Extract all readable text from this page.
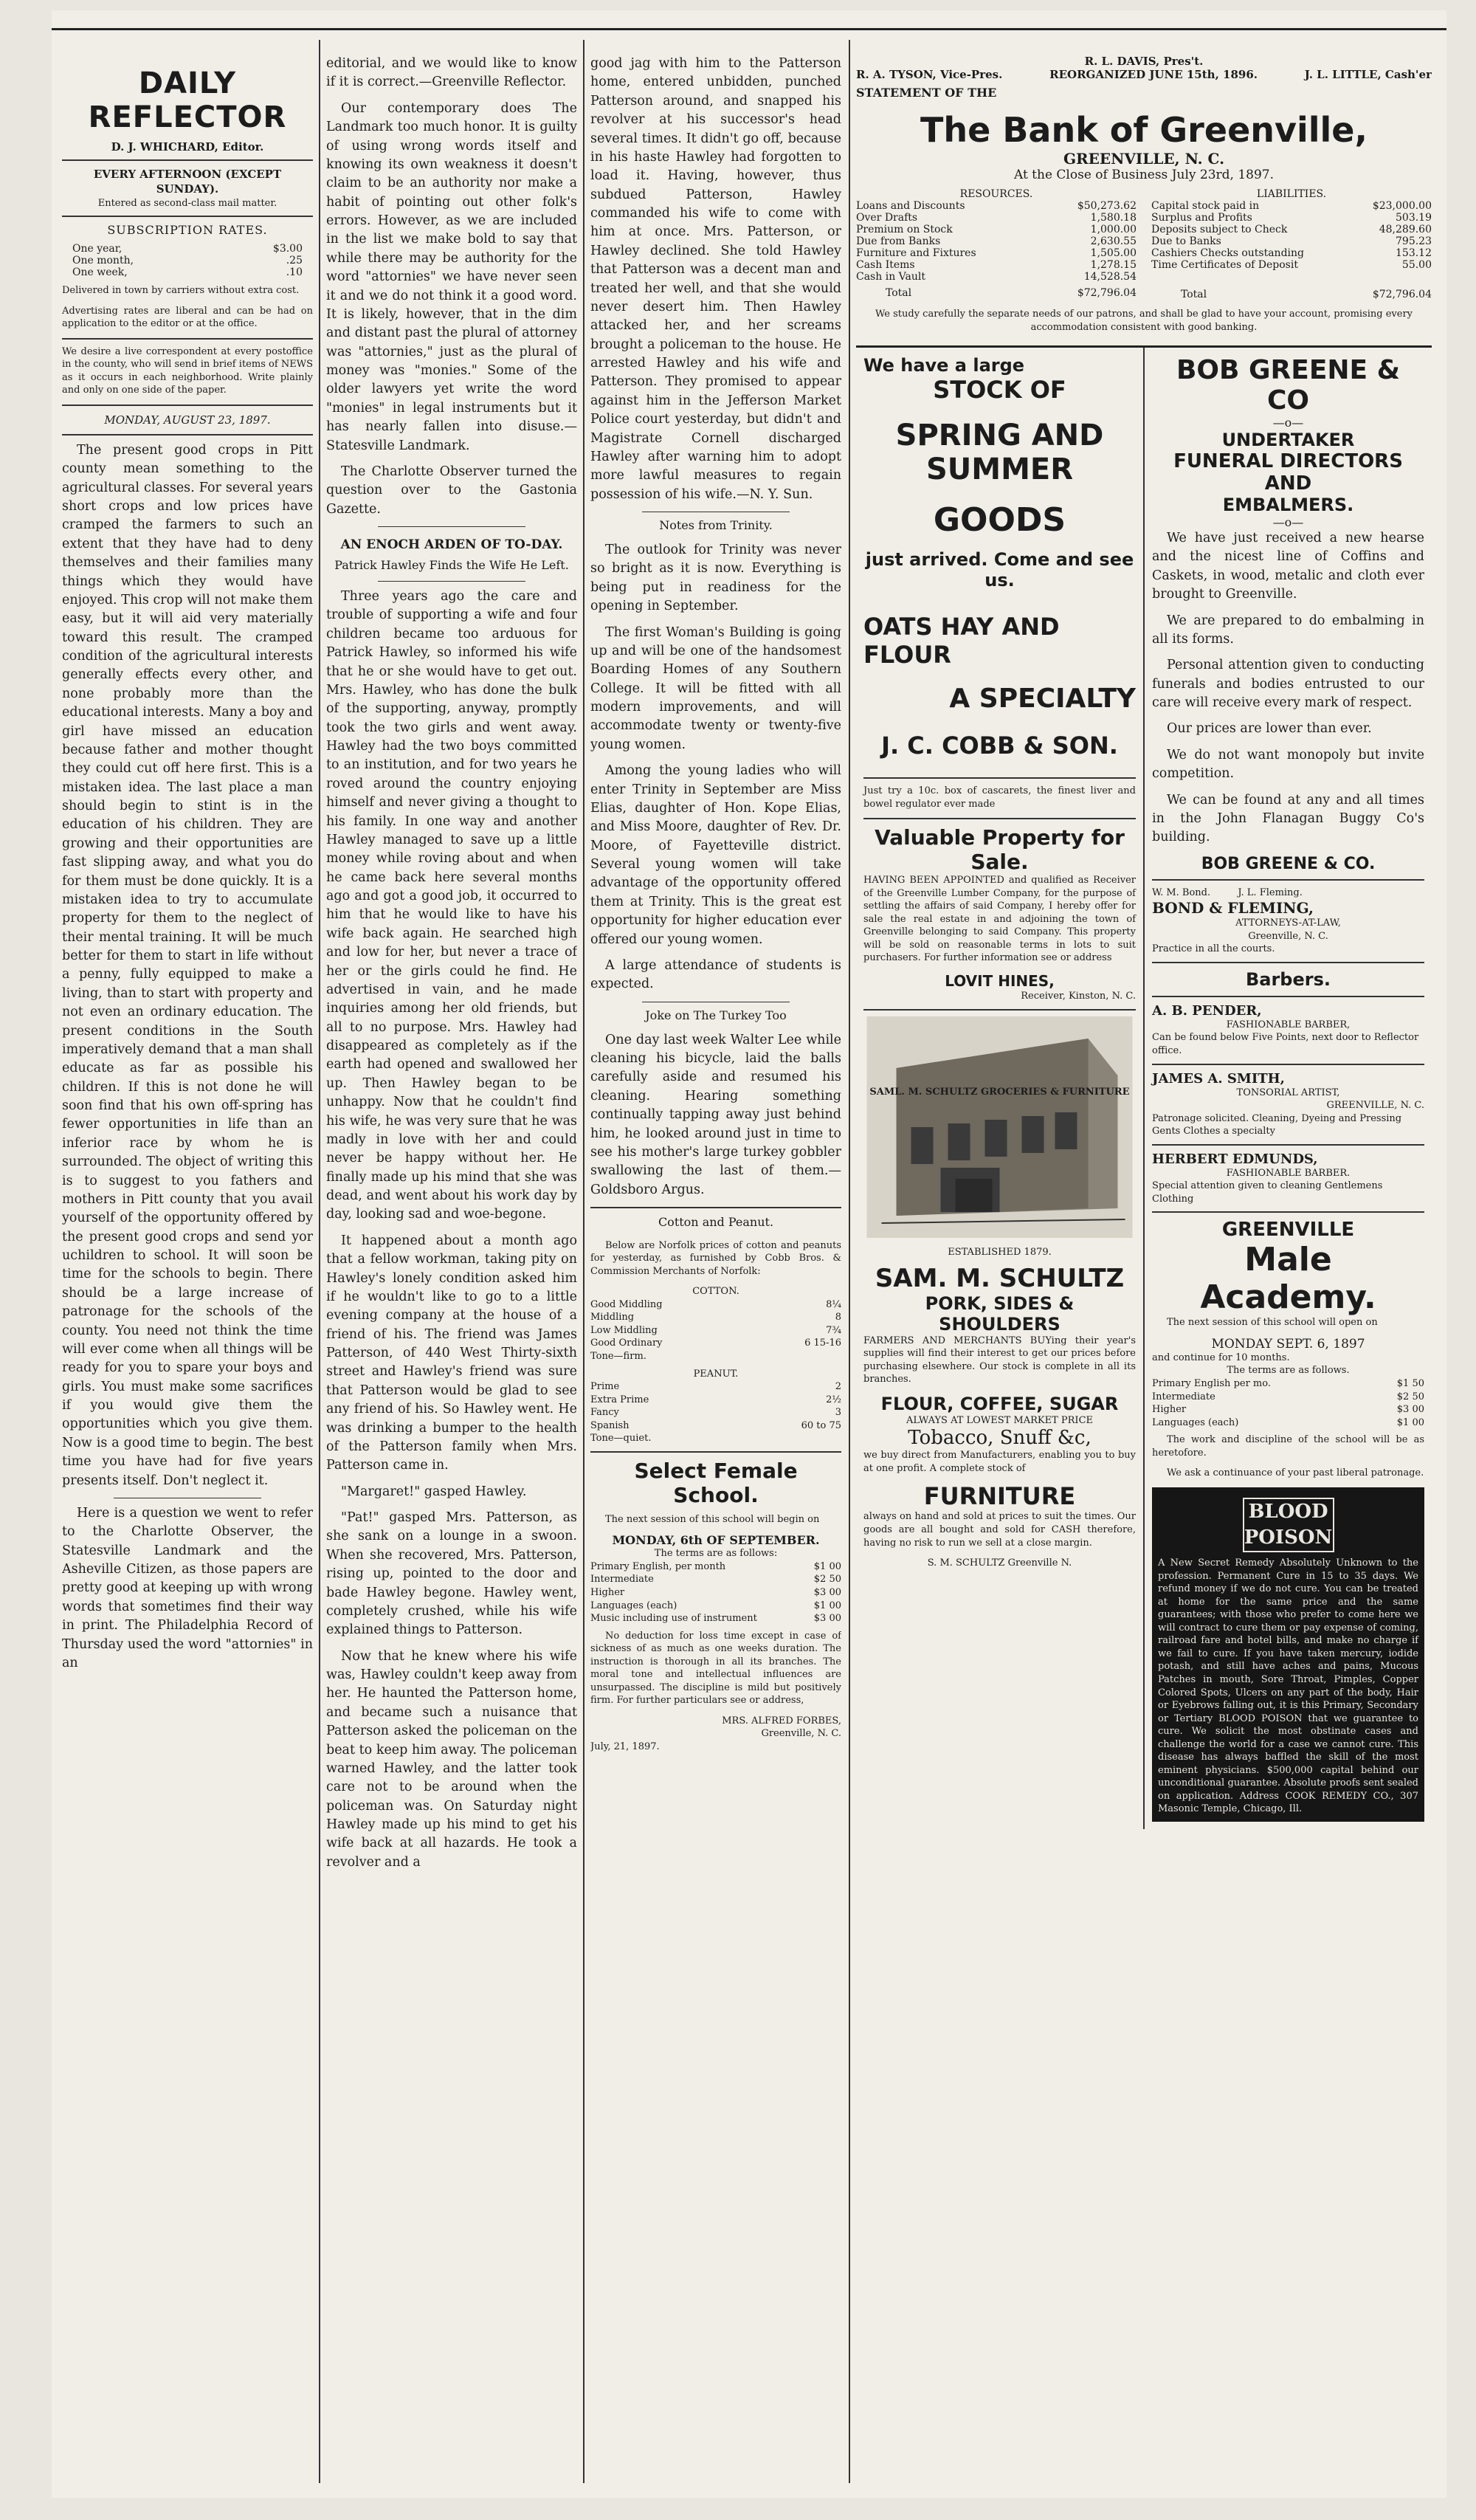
DAILY REFLECTOR
D. J. WHICHARD, Editor.
EVERY AFTERNOON (EXCEPT SUNDAY).
Entered as second-class mail matter.
SUBSCRIPTION RATES.
One year,	$3.00
One month,	.25
One week,	.10

Delivered in town by carriers without extra cost.

Advertising rates are liberal and can be had on application to the editor or at the office.

We desire a live correspondent at every postoffice in the county, who will send in brief items of NEWS as it occurs in each neighborhood. Write plainly and only on one side of the paper.

MONDAY, AUGUST 23, 1897.

The present good crops in Pitt county mean something to the agricultural classes. For several years short crops and low prices have cramped the farmers to such an extent that they have had to deny themselves and their families many things which they would have enjoyed. This crop will not make them easy, but it will aid very materially toward this result. The cramped condition of the agricultural interests generally effects every other, and none probably more than the educational interests. Many a boy and girl have missed an education because father and mother thought they could cut off here first. This is a mistaken idea. The last place a man should begin to stint is in the education of his children. They are growing and their opportunities are fast slipping away, and what you do for them must be done quickly. It is a mistaken idea to try to accumulate property for them to the neglect of their mental training. It will be much better for them to start in life without a penny, fully equipped to make a living, than to start with property and not even an ordinary education. The present conditions in the South imperatively demand that a man shall educate as far as possible his children. If this is not done he will soon find that his own off-spring has fewer opportunities in life than an inferior race by whom he is surrounded. The object of writing this is to suggest to you fathers and mothers in Pitt county that you avail yourself of the opportunity offered by the present good crops and send yor uchildren to school. It will soon be time for the schools to begin. There should be a large increase of patronage for the schools of the county. You need not think the time will ever come when all things will be ready for you to spare your boys and girls. You must make some sacrifices if you would give them the opportunities which you give them. Now is a good time to begin. The best time you have had for five years presents itself. Don't neglect it.

Here is a question we went to refer to the Charlotte Observer, the Statesville Landmark and the Asheville Citizen, as those papers are pretty good at keeping up with wrong words that sometimes find their way in print. The Philadelphia Record of Thursday used the word "attornies" in an

editorial, and we would like to know if it is correct.—Greenville Reflector.

Our contemporary does The Landmark too much honor. It is guilty of using wrong words itself and knowing its own weakness it doesn't claim to be an authority nor make a habit of pointing out other folk's errors. However, as we are included in the list we make bold to say that while there may be authority for the word "attornies" we have never seen it and we do not think it a good word. It is likely, however, that in the dim and distant past the plural of attorney was "attornies," just as the plural of money was "monies." Some of the older lawyers yet write the word "monies" in legal instruments but it has nearly fallen into disuse.—Statesville Landmark.

The Charlotte Observer turned the question over to the Gastonia Gazette.

AN ENOCH ARDEN OF TO-DAY.
Patrick Hawley Finds the Wife He Left.

Three years ago the care and trouble of supporting a wife and four children became too arduous for Patrick Hawley, so informed his wife that he or she would have to get out. Mrs. Hawley, who has done the bulk of the supporting, anyway, promptly took the two girls and went away. Hawley had the two boys committed to an institution, and for two years he roved around the country enjoying himself and never giving a thought to his family. In one way and another Hawley managed to save up a little money while roving about and when he came back here several months ago and got a good job, it occurred to him that he would like to have his wife back again. He searched high and low for her, but never a trace of her or the girls could he find. He advertised in vain, and he made inquiries among her old friends, but all to no purpose. Mrs. Hawley had disappeared as completely as if the earth had opened and swallowed her up. Then Hawley began to be unhappy. Now that he couldn't find his wife, he was very sure that he was madly in love with her and could never be happy without her. He finally made up his mind that she was dead, and went about his work day by day, looking sad and woe-begone.

It happened about a month ago that a fellow workman, taking pity on Hawley's lonely condition asked him if he wouldn't like to go to a little evening company at the house of a friend of his. The friend was James Patterson, of 440 West Thirty-sixth street and Hawley's friend was sure that Patterson would be glad to see any friend of his. So Hawley went. He was drinking a bumper to the health of the Patterson family when Mrs. Patterson came in.

"Margaret!" gasped Hawley.

"Pat!" gasped Mrs. Patterson, as she sank on a lounge in a swoon. When she recovered, Mrs. Patterson, rising up, pointed to the door and bade Hawley begone. Hawley went, completely crushed, while his wife explained things to Patterson.

Now that he knew where his wife was, Hawley couldn't keep away from her. He haunted the Patterson home, and became such a nuisance that Patterson asked the policeman on the beat to keep him away. The policeman warned Hawley, and the latter took care not to be around when the policeman was. On Saturday night Hawley made up his mind to get his wife back at all hazards. He took a revolver and a

good jag with him to the Patterson home, entered unbidden, punched Patterson around, and snapped his revolver at his successor's head several times. It didn't go off, because in his haste Hawley had forgotten to load it. Having, however, thus subdued Patterson, Hawley commanded his wife to come with him at once. Mrs. Patterson, or Hawley declined. She told Hawley that Patterson was a decent man and treated her well, and that she would never desert him. Then Hawley attacked her, and her screams brought a policeman to the house. He arrested Hawley and his wife and Patterson. They promised to appear against him in the Jefferson Market Police court yesterday, but didn't and Magistrate Cornell discharged Hawley after warning him to adopt more lawful measures to regain possession of his wife.—N. Y. Sun.

Notes from Trinity.

The outlook for Trinity was never so bright as it is now. Everything is being put in readiness for the opening in September.

The first Woman's Building is going up and will be one of the handsomest Boarding Homes of any Southern College. It will be fitted with all modern improvements, and will accommodate twenty or twenty-five young women.

Among the young ladies who will enter Trinity in September are Miss Elias, daughter of Hon. Kope Elias, and Miss Moore, daughter of Rev. Dr. Moore, of Fayetteville district. Several young women will take advantage of the opportunity offered them at Trinity. This is the great est opportunity for higher education ever offered our young women.

A large attendance of students is expected.

Joke on The Turkey Too

One day last week Walter Lee while cleaning his bicycle, laid the balls carefully aside and resumed his cleaning. Hearing something continually tapping away just behind him, he looked around just in time to see his mother's large turkey gobbler swallowing the last of them.—Goldsboro Argus.

Cotton and Peanut.

Below are Norfolk prices of cotton and peanuts for yesterday, as furnished by Cobb Bros. & Commission Merchants of Norfolk:

COTTON.
Good Middling	8¼
Middling	8
Low Middling	7¾
Good Ordinary	6 15-16
Tone—firm.
PEANUT.
Prime	2
Extra Prime	2½
Fancy	3
Spanish	60 to 75
Tone—quiet.
Select Female School.

The next session of this school will begin on

MONDAY, 6th OF SEPTEMBER.
The terms are as follows:
Primary English, per month	$1 00
Intermediate	$2 50
Higher	$3 00
Languages (each)	$1 00
Music including use of instrument	$3 00

No deduction for loss time except in case of sickness of as much as one weeks duration. The instruction is thorough in all its branches. The moral tone and intellectual influences are unsurpassed. The discipline is mild but positively firm. For further particulars see or address,

MRS. ALFRED FORBES,
Greenville, N. C.
July, 21, 1897.
R. L. DAVIS, Pres't.
R. A. TYSON, Vice-Pres.	REORGANIZED JUNE 15th, 1896.	J. L. LITTLE, Cash'er
STATEMENT OF THE
The Bank of Greenville,
GREENVILLE, N. C.
At the Close of Business July 23rd, 1897.
RESOURCES.
Loans and Discounts	$50,273.62
Over Drafts	1,580.18
Premium on Stock	1,000.00
Due from Banks	2,630.55
Furniture and Fixtures	1,505.00
Cash Items	1,278.15
Cash in Vault	14,528.54
Total	$72,796.04
LIABILITIES.
Capital stock paid in	$23,000.00
Surplus and Profits	503.19
Deposits subject to Check	48,289.60
Due to Banks	795.23
Cashiers Checks outstanding	153.12
Time Certificates of Deposit	55.00
Total	$72,796.04
We study carefully the separate needs of our patrons, and shall be glad to have your account, promising every accommodation consistent with good banking.
We have a large
STOCK OF
SPRING AND SUMMER
GOODS
just arrived. Come and see us.
OATS HAY AND FLOUR
A SPECIALTY
J. C. COBB & SON.

Just try a 10c. box of cascarets, the finest liver and bowel regulator ever made

Valuable Property for Sale.

HAVING BEEN APPOINTED and qualified as Receiver of the Greenville Lumber Company, for the purpose of settling the affairs of said Company, I hereby offer for sale the real estate in and adjoining the town of Greenville belonging to said Company. This property will be sold on reasonable terms in lots to suit purchasers. For further information see or address

LOVIT HINES,
Receiver, Kinston, N. C.
SAML. M. SCHULTZ GROCERIES & FURNITURE
ESTABLISHED 1879.
SAM. M. SCHULTZ
PORK, SIDES & SHOULDERS

FARMERS AND MERCHANTS BUYing their year's supplies will find their interest to get our prices before purchasing elsewhere. Our stock is complete in all its branches.

FLOUR, COFFEE, SUGAR
ALWAYS AT LOWEST MARKET PRICE
Tobacco, Snuff &c,

we buy direct from Manufacturers, enabling you to buy at one profit. A complete stock of

FURNITURE

always on hand and sold at prices to suit the times. Our goods are all bought and sold for CASH therefore, having no risk to run we sell at a close margin.

S. M. SCHULTZ Greenville N.
BOB GREENE & CO
—o—
UNDERTAKER
FUNERAL DIRECTORS AND
EMBALMERS.
—o—

We have just received a new hearse and the nicest line of Coffins and Caskets, in wood, metalic and cloth ever brought to Greenville.

We are prepared to do embalming in all its forms.

Personal attention given to conducting funerals and bodies entrusted to our care will receive every mark of respect.

Our prices are lower than ever.

We do not want monopoly but invite competition.

We can be found at any and all times in the John Flanagan Buggy Co's building.

BOB GREENE & CO.
W. M. Bond.         J. L. Fleming.
BOND & FLEMING,
ATTORNEYS-AT-LAW,
Greenville, N. C.
Practice in all the courts.
Barbers.
A. B. PENDER,
FASHIONABLE BARBER,
Can be found below Five Points, next door to Reflector office.
JAMES A. SMITH,
TONSORIAL ARTIST,
GREENVILLE, N. C.
Patronage solicited. Cleaning, Dyeing and Pressing Gents Clothes a specialty
HERBERT EDMUNDS,
FASHIONABLE BARBER.
Special attention given to cleaning Gentlemens Clothing
GREENVILLE
Male Academy.

The next session of this school will open on

MONDAY SEPT. 6, 1897
and continue for 10 months.
The terms are as follows.
Primary English per mo.	$1 50
Intermediate	$2 50
Higher	$3 00
Languages (each)	$1 00

The work and discipline of the school will be as heretofore.

We ask a continuance of your past liberal patronage.

BLOOD POISON
A New Secret Remedy Absolutely Unknown to the profession. Permanent Cure in 15 to 35 days. We refund money if we do not cure. You can be treated at home for the same price and the same guarantees; with those who prefer to come here we will contract to cure them or pay expense of coming, railroad fare and hotel bills, and make no charge if we fail to cure. If you have taken mercury, iodide potash, and still have aches and pains, Mucous Patches in mouth, Sore Throat, Pimples, Copper Colored Spots, Ulcers on any part of the body, Hair or Eyebrows falling out, it is this Primary, Secondary or Tertiary BLOOD POISON that we guarantee to cure. We solicit the most obstinate cases and challenge the world for a case we cannot cure. This disease has always baffled the skill of the most eminent physicians. $500,000 capital behind our unconditional guarantee. Absolute proofs sent sealed on application. Address COOK REMEDY CO., 307 Masonic Temple, Chicago, Ill.
